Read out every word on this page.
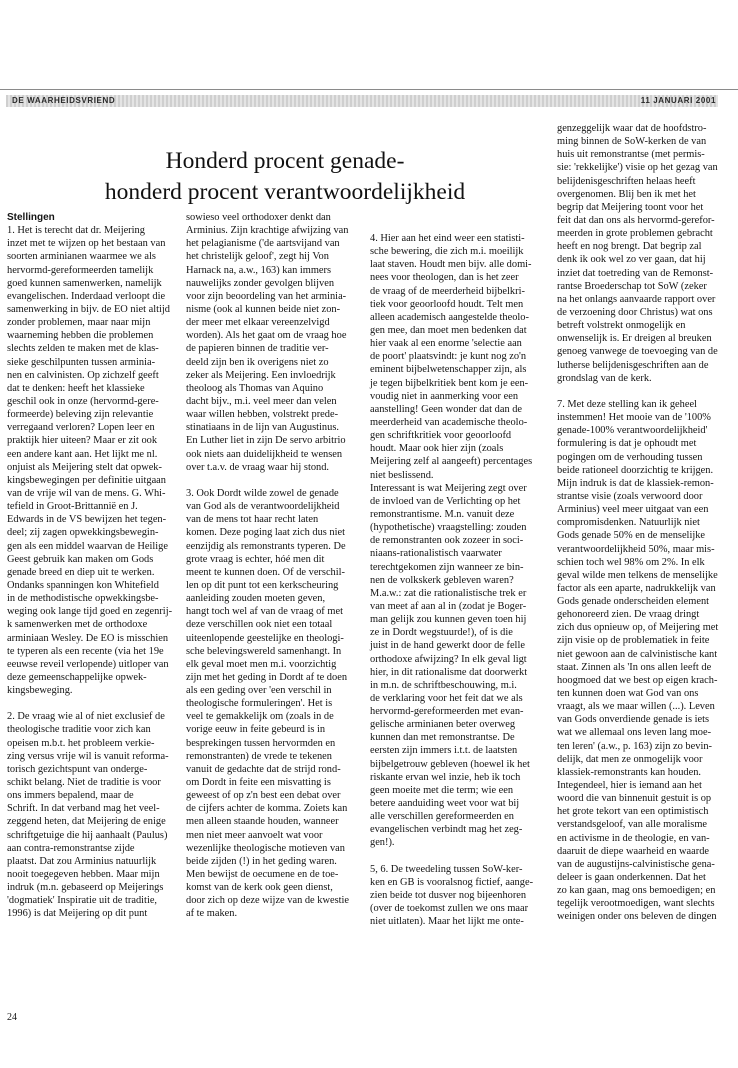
DE WAARHEIDSVRIEND	11 JANUARI 2001
Honderd procent genade-
honderd procent verantwoordelijkheid
Stellingen
1. Het is terecht dat dr. Meijering
inzet met te wijzen op het bestaan van
soorten arminianen waarmee we als
hervormd-gereformeerden tamelijk
goed kunnen samenwerken, namelijk
evangelischen. Inderdaad verloopt die
samenwerking in bijv. de EO niet altijd
zonder problemen, maar naar mijn
waarneming hebben die problemen
slechts zelden te maken met de klas-
sieke geschilpunten tussen arminia-
nen en calvinisten. Op zichzelf geeft
dat te denken: heeft het klassieke
geschil ook in onze (hervormd-gere-
formeerde) beleving zijn relevantie
verregaand verloren? Lopen leer en
praktijk hier uiteen? Maar er zit ook
een andere kant aan. Het lijkt me nl.
onjuist als Meijering stelt dat opwek-
kingsbewegingen per definitie uitgaan
van de vrije wil van de mens. G. Whi-
tefield in Groot-Brittannië en J.
Edwards in de VS bewijzen het tegen-
deel; zij zagen opwekkingsbewegin-
gen als een middel waarvan de Heilige
Geest gebruik kan maken om Gods
genade breed en diep uit te werken.
Ondanks spanningen kon Whitefield
in de methodistische opwekkingsbe-
weging ook lange tijd goed en zegenrij-
k samenwerken met de orthodoxe
arminiaan Wesley. De EO is misschien
te typeren als een recente (via het 19e
eeuwse reveil verlopende) uitloper van
deze gemeenschappelijke opwek-
kingsbeweging.
2. De vraag wie al of niet exclusief de
theologische traditie voor zich kan
opeisen m.b.t. het probleem verkie-
zing versus vrije wil is vanuit reforma-
torisch gezichtspunt van onderge-
schikt belang. Niet de traditie is voor
ons immers bepalend, maar de
Schrift. In dat verband mag het veel-
zeggend heten, dat Meijering de enige
schriftgetuige die hij aanhaalt (Paulus)
aan contra-remonstrantse zijde
plaatst. Dat zou Arminius natuurlijk
nooit toegegeven hebben. Maar mijn
indruk (m.n. gebaseerd op Meijerings
'dogmatiek' Inspiratie uit de traditie,
1996) is dat Meijering op dit punt
sowieso veel orthodoxer denkt dan
Arminius. Zijn krachtige afwijzing van
het pelagianisme ('de aartsvijand van
het christelijk geloof', zegt hij Von
Harnack na, a.w., 163) kan immers
nauwelijks zonder gevolgen blijven
voor zijn beoordeling van het arminia-
nisme (ook al kunnen beide niet zon-
der meer met elkaar vereenzelvigd
worden). Als het gaat om de vraag hoe
de papieren binnen de traditie ver-
deeld zijn ben ik overigens niet zo
zeker als Meijering. Een invloedrijk
theoloog als Thomas van Aquino
dacht bijv., m.i. veel meer dan velen
waar willen hebben, volstrekt prede-
stinatiaans in de lijn van Augustinus.
En Luther liet in zijn De servo arbitrio
ook niets aan duidelijkheid te wensen
over t.a.v. de vraag waar hij stond.
3. Ook Dordt wilde zowel de genade
van God als de verantwoordelijkheid
van de mens tot haar recht laten
komen. Deze poging laat zich dus niet
eenzijdig als remonstrants typeren. De
grote vraag is echter, hóé men dit
meent te kunnen doen. Of de verschil-
len op dit punt tot een kerkscheuring
aanleiding zouden moeten geven,
hangt toch wel af van de vraag of met
deze verschillen ook niet een totaal
uiteenlopende geestelijke en theologi-
sche belevingswereld samenhangt. In
elk geval moet men m.i. voorzichtig
zijn met het geding in Dordt af te doen
als een geding over 'een verschil in
theologische formuleringen'. Het is
veel te gemakkelijk om (zoals in de
vorige eeuw in feite gebeurd is in
besprekingen tussen hervormden en
remonstranten) de vrede te tekenen
vanuit de gedachte dat de strijd rond-
om Dordt in feite een misvatting is
geweest of op z'n best een debat over
de cijfers achter de komma. Zoiets kan
men alleen staande houden, wanneer
men niet meer aanvoelt wat voor
wezenlijke theologische motieven van
beide zijden (!) in het geding waren.
Men bewijst de oecumene en de toe-
komst van de kerk ook geen dienst,
door zich op deze wijze van de kwestie
af te maken.
4. Hier aan het eind weer een statisti-
sche bewering, die zich m.i. moeilijk
laat staven. Houdt men bijv. alle domi-
nees voor theologen, dan is het zeer
de vraag of de meerderheid bijbelkri-
tiek voor geoorloofd houdt. Telt men
alleen academisch aangestelde theolo-
gen mee, dan moet men bedenken dat
hier vaak al een enorme 'selectie aan
de poort' plaatsvindt: je kunt nog zo'n
eminent bijbelwetenschapper zijn, als
je tegen bijbelkritiek bent kom je een-
voudig niet in aanmerking voor een
aanstelling! Geen wonder dat dan de
meerderheid van academische theolo-
gen schriftkritiek voor geoorloofd
houdt. Maar ook hier zijn (zoals
Meijering zelf al aangeeft) percentages
niet beslissend.
Interessant is wat Meijering zegt over
de invloed van de Verlichting op het
remonstrantisme. M.n. vanuit deze
(hypothetische) vraagstelling: zouden
de remonstranten ook zozeer in soci-
niaans-rationalistisch vaarwater
terechtgekomen zijn wanneer ze bin-
nen de volkskerk gebleven waren?
M.a.w.: zat die rationalistische trek er
van meet af aan al in (zodat je Boger-
man gelijk zou kunnen geven toen hij
ze in Dordt wegstuurde!), of is die
juist in de hand gewerkt door de felle
orthodoxe afwijzing? In elk geval ligt
hier, in dit rationalisme dat doorwerkt
in m.n. de schriftbeschouwing, m.i.
de verklaring voor het feit dat we als
hervormd-gereformeerden met evan-
gelische arminianen beter overweg
kunnen dan met remonstrantse. De
eersten zijn immers i.t.t. de laatsten
bijbelgetrouw gebleven (hoewel ik het
riskante ervan wel inzie, heb ik toch
geen moeite met die term; wie een
betere aanduiding weet voor wat bij
alle verschillen gereformeerden en
evangelischen verbindt mag het zeg-
gen!).
5, 6. De tweedeling tussen SoW-ker-
ken en GB is vooralsnog fictief, aange-
zien beide tot dusver nog bijeenhoren
(over de toekomst zullen we ons maar
niet uitlaten). Maar het lijkt me onte-
genzeggelijk waar dat de hoofdstro-
ming binnen de SoW-kerken de van
huis uit remonstrantse (met permis-
sie: 'rekkelijke') visie op het gezag van
belijdenisgeschriften helaas heeft
overgenomen. Blij ben ik met het
begrip dat Meijering toont voor het
feit dat dan ons als hervormd-gerefor-
meerden in grote problemen gebracht
heeft en nog brengt. Dat begrip zal
denk ik ook wel zo ver gaan, dat hij
inziet dat toetreding van de Remonst-
rantse Broederschap tot SoW (zeker
na het onlangs aanvaarde rapport over
de verzoening door Christus) wat ons
betreft volstrekt onmogelijk en
onwenselijk is. Er dreigen al breuken
genoeg vanwege de toevoeging van de
lutherse belijdenisgeschriften aan de
grondslag van de kerk.
7. Met deze stelling kan ik geheel
instemmen! Het mooie van de '100%
genade-100% verantwoordelijkheid'
formulering is dat je ophoudt met
pogingen om de verhouding tussen
beide rationeel doorzichtig te krijgen.
Mijn indruk is dat de klassiek-remon-
strantse visie (zoals verwoord door
Arminius) veel meer uitgaat van een
compromisdenken. Natuurlijk niet
Gods genade 50% en de menselijke
verantwoordelijkheid 50%, maar mis-
schien toch wel 98% om 2%. In elk
geval wilde men telkens de menselijke
factor als een aparte, nadrukkelijk van
Gods genade onderscheiden element
gehonoreerd zien. De vraag dringt
zich dus opnieuw op, of Meijering met
zijn visie op de problematiek in feite
niet gewoon aan de calvinistische kant
staat. Zinnen als 'In ons allen leeft de
hoogmoed dat we best op eigen krach-
ten kunnen doen wat God van ons
vraagt, als we maar willen (...). Leven
van Gods onverdiende genade is iets
wat we allemaal ons leven lang moe-
ten leren' (a.w., p. 163) zijn zo bevin-
delijk, dat men ze onmogelijk voor
klassiek-remonstrants kan houden.
Integendeel, hier is iemand aan het
woord die van binnenuit gestuit is op
het grote tekort van een optimistisch
verstandsgeloof, van alle moralisme
en activisme in de theologie, en van-
daaruit de diepe waarheid en waarde
van de augustijns-calvinistische gena-
deleer is gaan onderkennen. Dat het
zo kan gaan, mag ons bemoedigen; en
tegelijk verootmoedigen, want slechts
weinigen onder ons beleven de dingen
24
